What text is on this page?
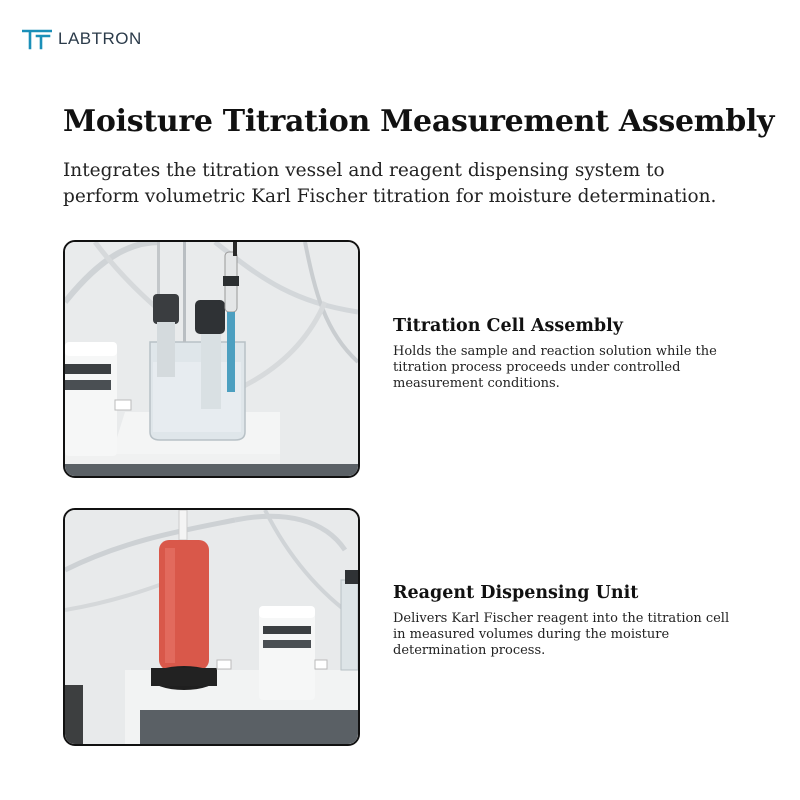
LABTRON
Moisture Titration Measurement Assembly

Integrates the titration vessel and reagent dispensing system to perform volumetric Karl Fischer titration for moisture determination.

Titration Cell Assembly

Holds the sample and reaction solution while the titration process proceeds under controlled measurement conditions.

Reagent Dispensing Unit

Delivers Karl Fischer reagent into the titration cell in measured volumes during the moisture determination process.
